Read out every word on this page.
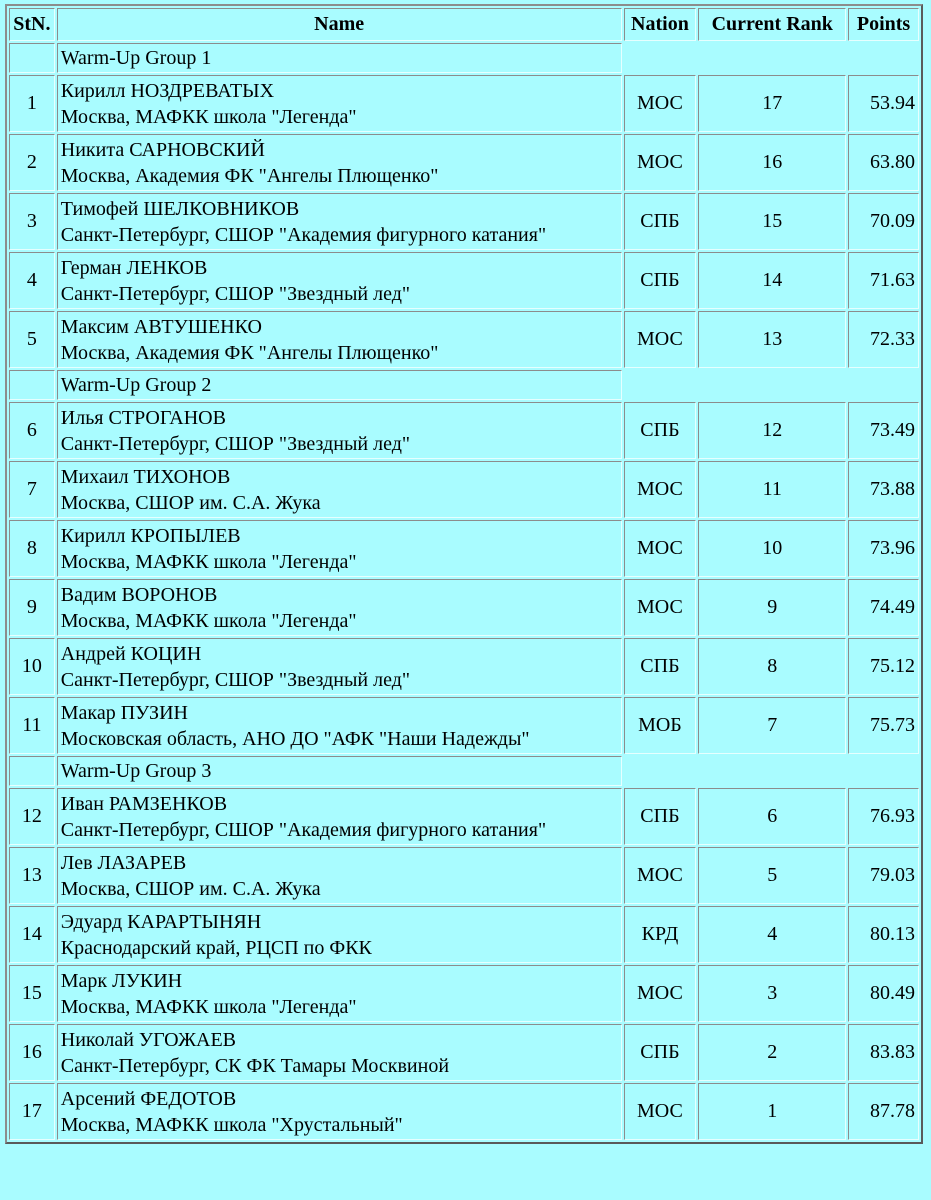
StN.	Name	Nation	Current Rank	Points
	Warm-Up Group 1			
1	Кирилл НОЗДРЕВАТЫХ
Москва, МАФКК школа "Легенда"	МОС	17	53.94
2	Никита САРНОВСКИЙ
Москва, Академия ФК "Ангелы Плющенко"	МОС	16	63.80
3	Тимофей ШЕЛКОВНИКОВ
Санкт-Петербург, СШОР "Академия фигурного катания"	СПБ	15	70.09
4	Герман ЛЕНКОВ
Санкт-Петербург, СШОР "Звездный лед"	СПБ	14	71.63
5	Максим АВТУШЕНКО
Москва, Академия ФК "Ангелы Плющенко"	МОС	13	72.33
	Warm-Up Group 2			
6	Илья СТРОГАНОВ
Санкт-Петербург, СШОР "Звездный лед"	СПБ	12	73.49
7	Михаил ТИХОНОВ
Москва, СШОР им. С.А. Жука	МОС	11	73.88
8	Кирилл КРОПЫЛЕВ
Москва, МАФКК школа "Легенда"	МОС	10	73.96
9	Вадим ВОРОНОВ
Москва, МАФКК школа "Легенда"	МОС	9	74.49
10	Андрей КОЦИН
Санкт-Петербург, СШОР "Звездный лед"	СПБ	8	75.12
11	Макар ПУЗИН
Московская область, АНО ДО "АФК "Наши Надежды"	МОБ	7	75.73
	Warm-Up Group 3			
12	Иван РАМЗЕНКОВ
Санкт-Петербург, СШОР "Академия фигурного катания"	СПБ	6	76.93
13	Лев ЛАЗАРЕВ
Москва, СШОР им. С.А. Жука	МОС	5	79.03
14	Эдуард КАРАРТЫНЯН
Краснодарский край, РЦСП по ФКК	КРД	4	80.13
15	Марк ЛУКИН
Москва, МАФКК школа "Легенда"	МОС	3	80.49
16	Николай УГОЖАЕВ
Санкт-Петербург, СК ФК Тамары Москвиной	СПБ	2	83.83
17	Арсений ФЕДОТОВ
Москва, МАФКК школа "Хрустальный"	МОС	1	87.78
